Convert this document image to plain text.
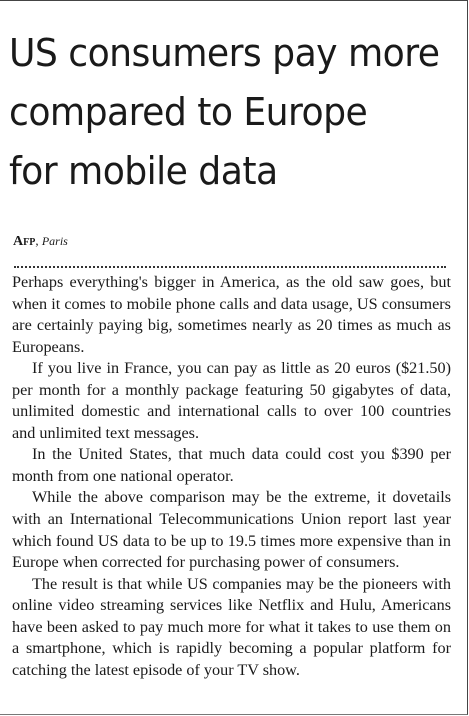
US consumers pay more
compared to Europe
for mobile data
Afp, Paris

Perhaps everything's bigger in America, as the old saw goes, but when it comes to mobile phone calls and data usage, US consumers are certainly paying big, sometimes nearly as 20 times as much as Europeans.

If you live in France, you can pay as little as 20 euros ($21.50) per month for a monthly package featuring 50 gigabytes of data, unlimited domestic and international calls to over 100 countries and unlimited text messages.

In the United States, that much data could cost you $390 per month from one national operator.

While the above comparison may be the extreme, it dovetails with an International Telecommunications Union report last year which found US data to be up to 19.5 times more expensive than in Europe when corrected for purchasing power of consumers.

The result is that while US companies may be the pioneers with online video streaming services like Netflix and Hulu, Americans have been asked to pay much more for what it takes to use them on a smartphone, which is rapidly becoming a popular platform for catching the latest episode of your TV show.
